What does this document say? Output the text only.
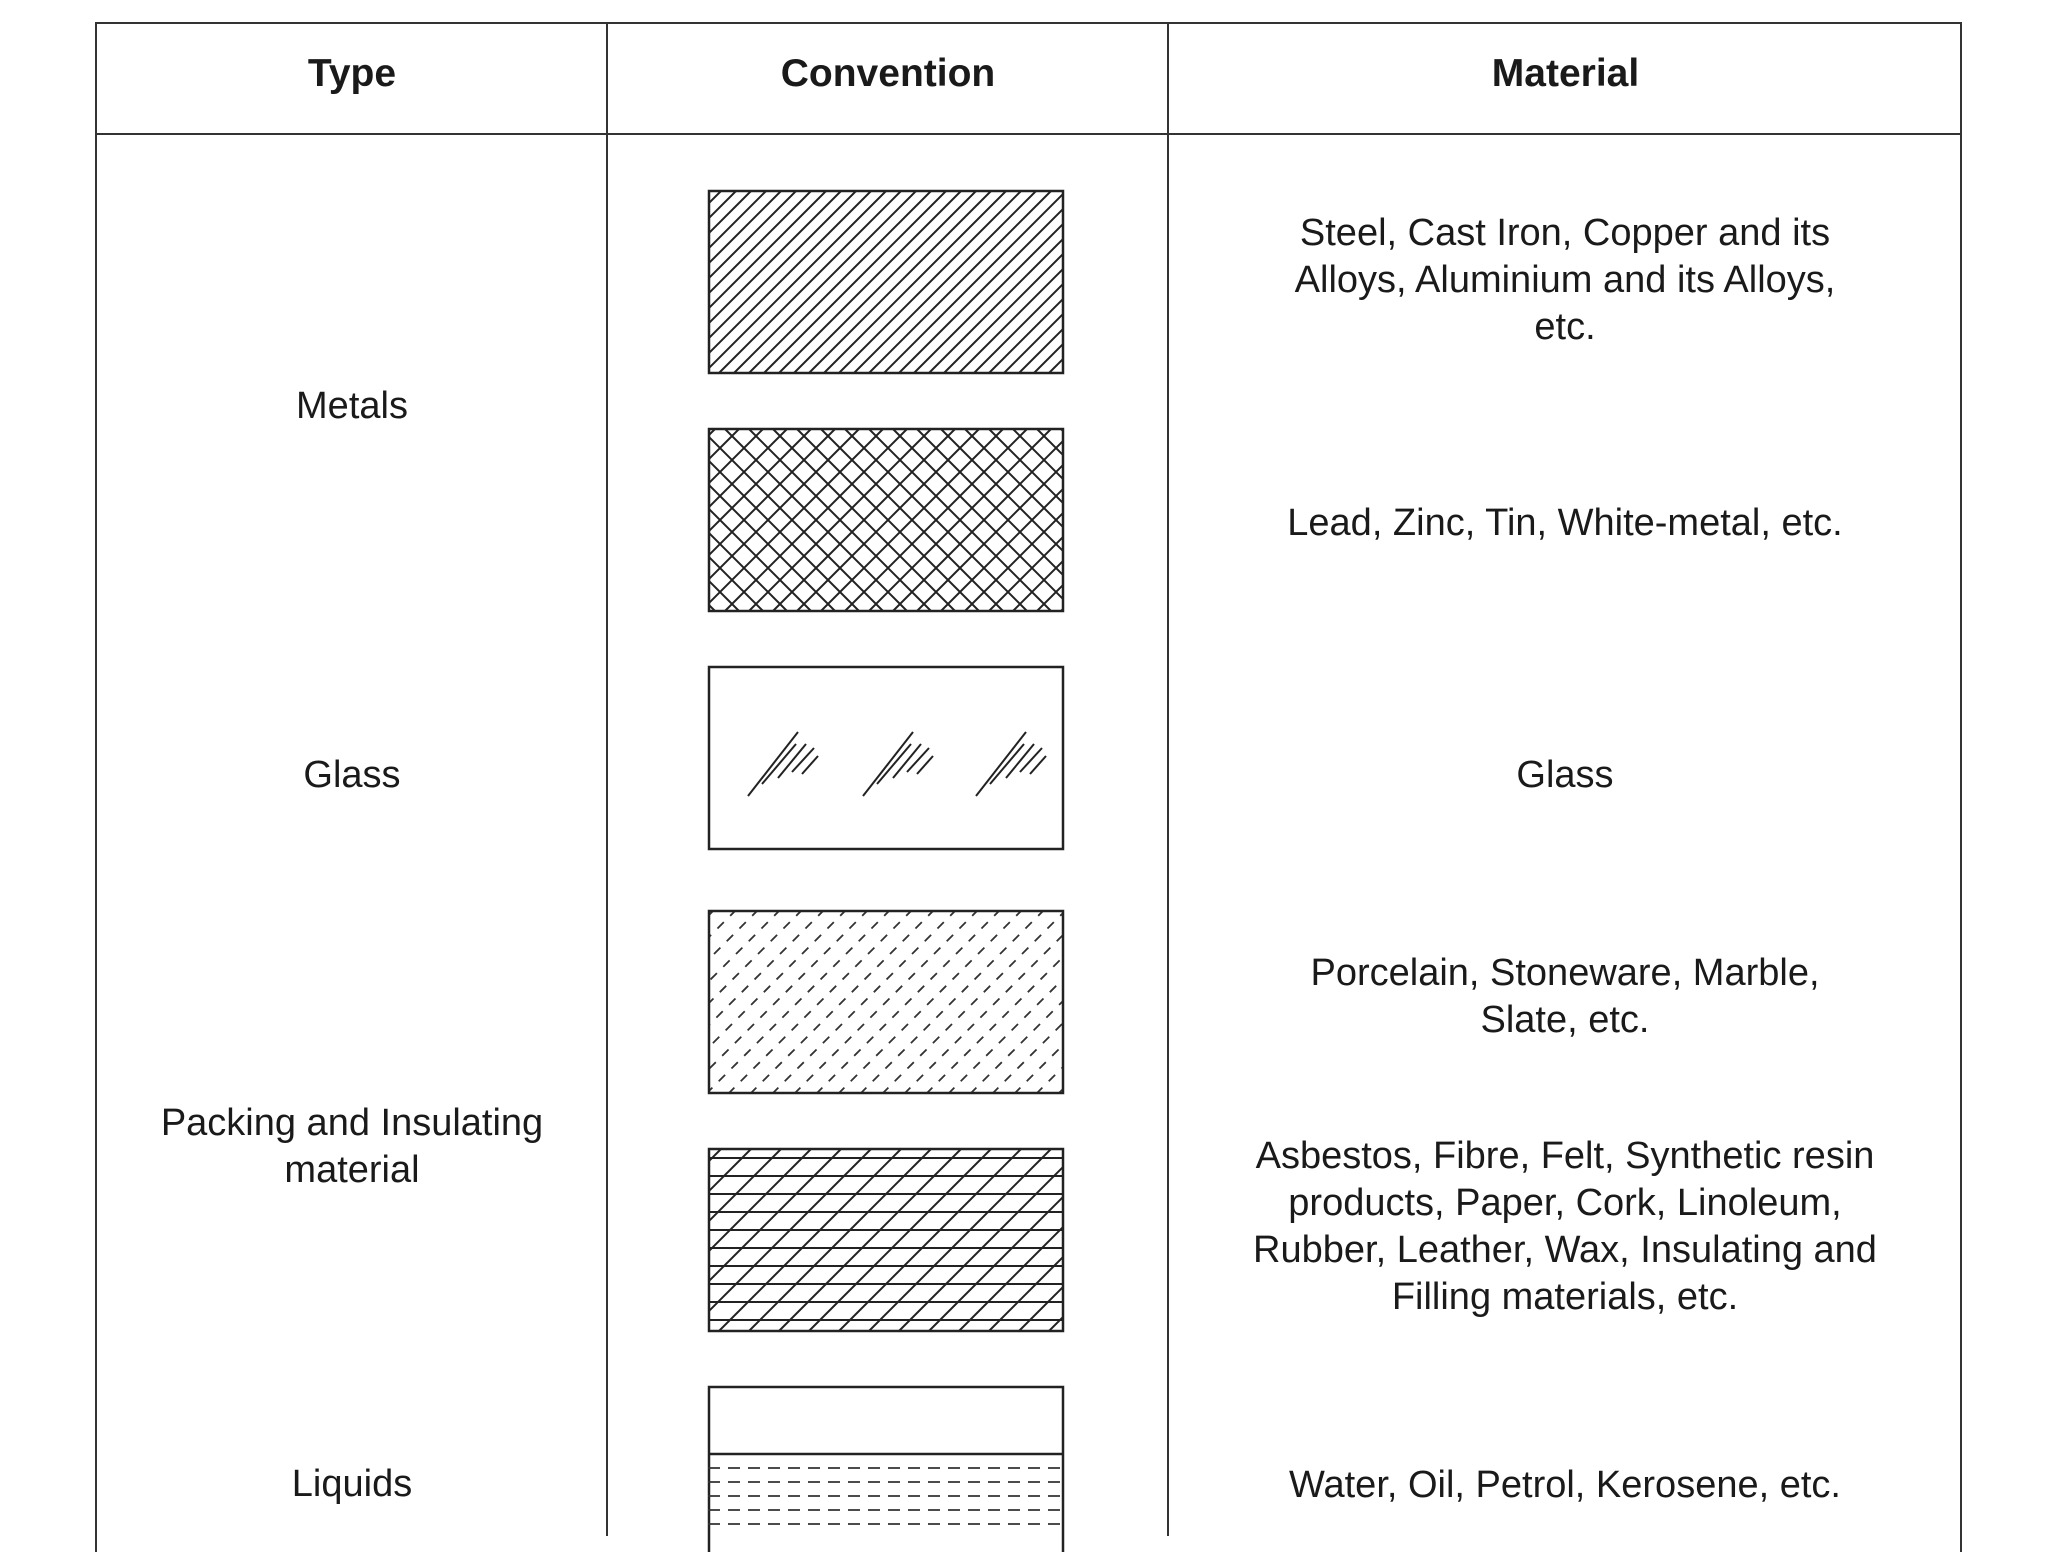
Type	Convention	Material
Metals
Glass
Packing and Insulating material
Liquids
Steel, Cast Iron, Copper and its Alloys, Aluminium and its Alloys, etc.
Lead, Zinc, Tin, White-metal, etc.
Glass
Porcelain, Stoneware, Marble, Slate, etc.
Asbestos, Fibre, Felt, Synthetic resin products, Paper, Cork, Linoleum, Rubber, Leather, Wax, Insulating and Filling materials, etc.
Water, Oil, Petrol, Kerosene, etc.
